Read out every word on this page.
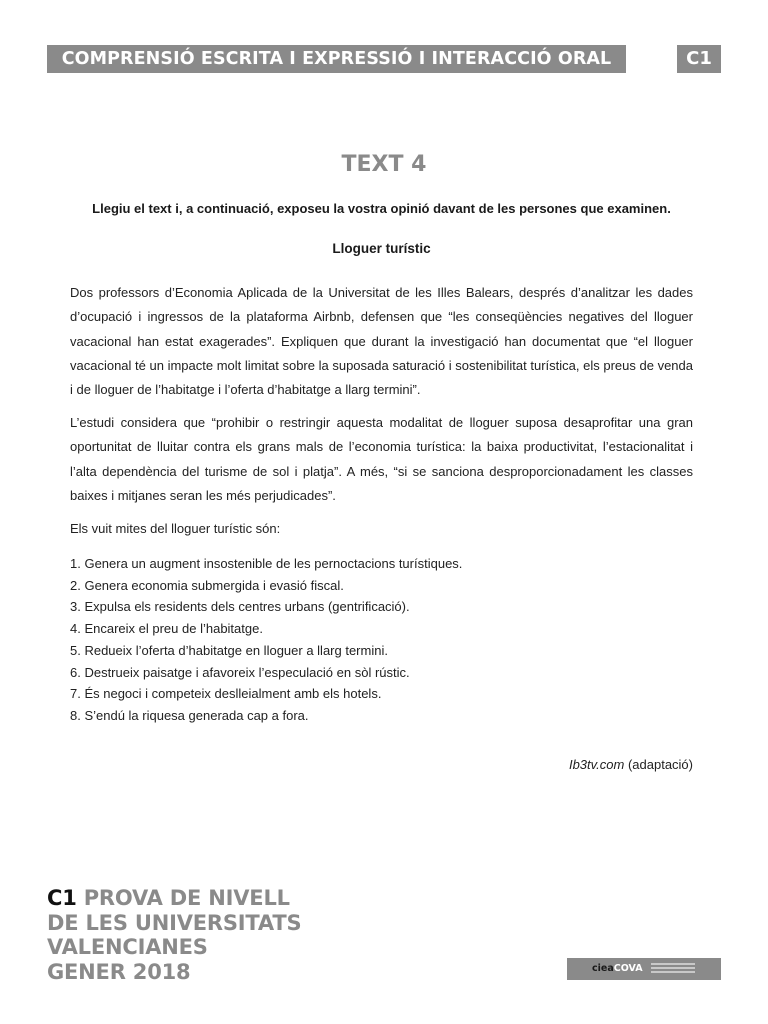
COMPRENSIÓ ESCRITA I EXPRESSIÓ I INTERACCIÓ ORAL	C1
TEXT 4
Llegiu el text i, a continuació, exposeu la vostra opinió davant de les persones que examinen.
Lloguer turístic

Dos professors d’Economia Aplicada de la Universitat de les Illes Balears, després d’analitzar les dades d’ocupació i ingressos de la plataforma Airbnb, defensen que “les conseqüències negatives del lloguer vacacional han estat exagerades”. Expliquen que durant la investigació han documentat que “el lloguer vacacional té un impacte molt limitat sobre la suposada saturació i sostenibilitat turística, els preus de venda i de lloguer de l’habitatge i l’oferta d’habitatge a llarg termini”.

L’estudi considera que “prohibir o restringir aquesta modalitat de lloguer suposa desaprofitar una gran oportunitat de lluitar contra els grans mals de l’economia turística: la baixa productivitat, l’estacionalitat i l’alta dependència del turisme de sol i platja”. A més, “si se sanciona desproporcionadament les classes baixes i mitjanes seran les més perjudicades”.

Els vuit mites del lloguer turístic són:

1. Genera un augment insostenible de les pernoctacions turístiques.
2. Genera economia submergida i evasió fiscal.
3. Expulsa els residents dels centres urbans (gentrificació).
4. Encareix el preu de l’habitatge.
5. Redueix l’oferta d’habitatge en lloguer a llarg termini.
6. Destrueix paisatge i afavoreix l’especulació en sòl rústic.
7. És negoci i competeix deslleialment amb els hotels.
8. S’endú la riquesa generada cap a fora.
Ib3tv.com (adaptació)
C1 PROVA DE NIVELL
DE LES UNIVERSITATS
VALENCIANES
GENER 2018	cieaCOVA
